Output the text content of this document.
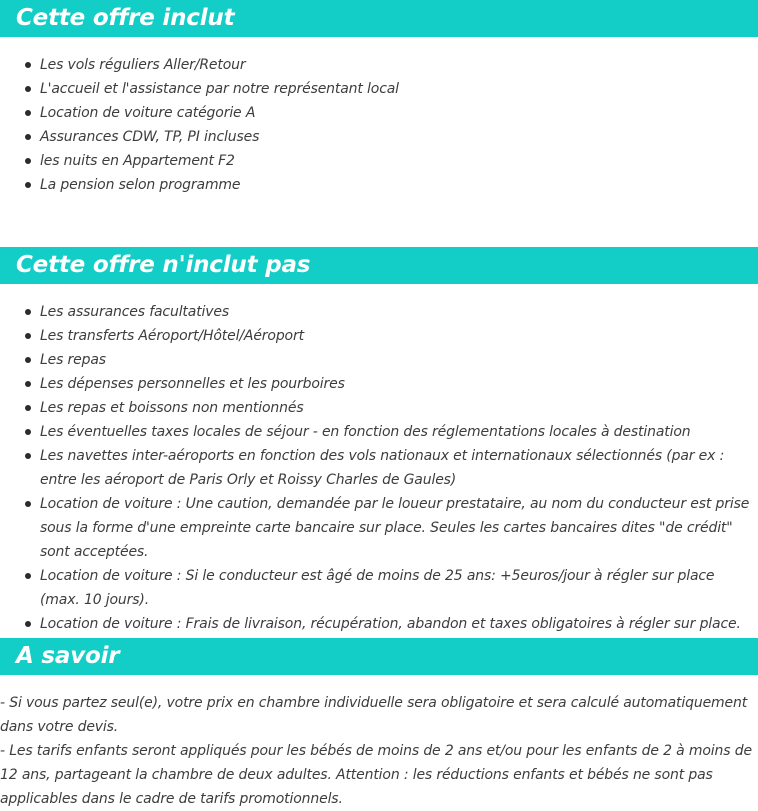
Cette offre inclut
Les vols réguliers Aller/Retour
L'accueil et l'assistance par notre représentant local
Location de voiture catégorie A
Assurances CDW, TP, PI incluses
les nuits en Appartement F2
La pension selon programme
Cette offre n'inclut pas
Les assurances facultatives
Les transferts Aéroport/Hôtel/Aéroport
Les repas
Les dépenses personnelles et les pourboires
Les repas et boissons non mentionnés
Les éventuelles taxes locales de séjour - en fonction des réglementations locales à destination
Les navettes inter-aéroports en fonction des vols nationaux et internationaux sélectionnés (par ex : entre les aéroport de Paris Orly et Roissy Charles de Gaules)
Location de voiture : Une caution, demandée par le loueur prestataire, au nom du conducteur est prise sous la forme d'une empreinte carte bancaire sur place. Seules les cartes bancaires dites "de crédit" sont acceptées.
Location de voiture : Si le conducteur est âgé de moins de 25 ans: +5euros/jour à régler sur place (max. 10 jours).
Location de voiture : Frais de livraison, récupération, abandon et taxes obligatoires à régler sur place.
A savoir

- Si vous partez seul(e), votre prix en chambre individuelle sera obligatoire et sera calculé automatiquement dans votre devis.

- Les tarifs enfants seront appliqués pour les bébés de moins de 2 ans et/ou pour les enfants de 2 à moins de 12 ans, partageant la chambre de deux adultes. Attention : les réductions enfants et bébés ne sont pas applicables dans le cadre de tarifs promotionnels.
